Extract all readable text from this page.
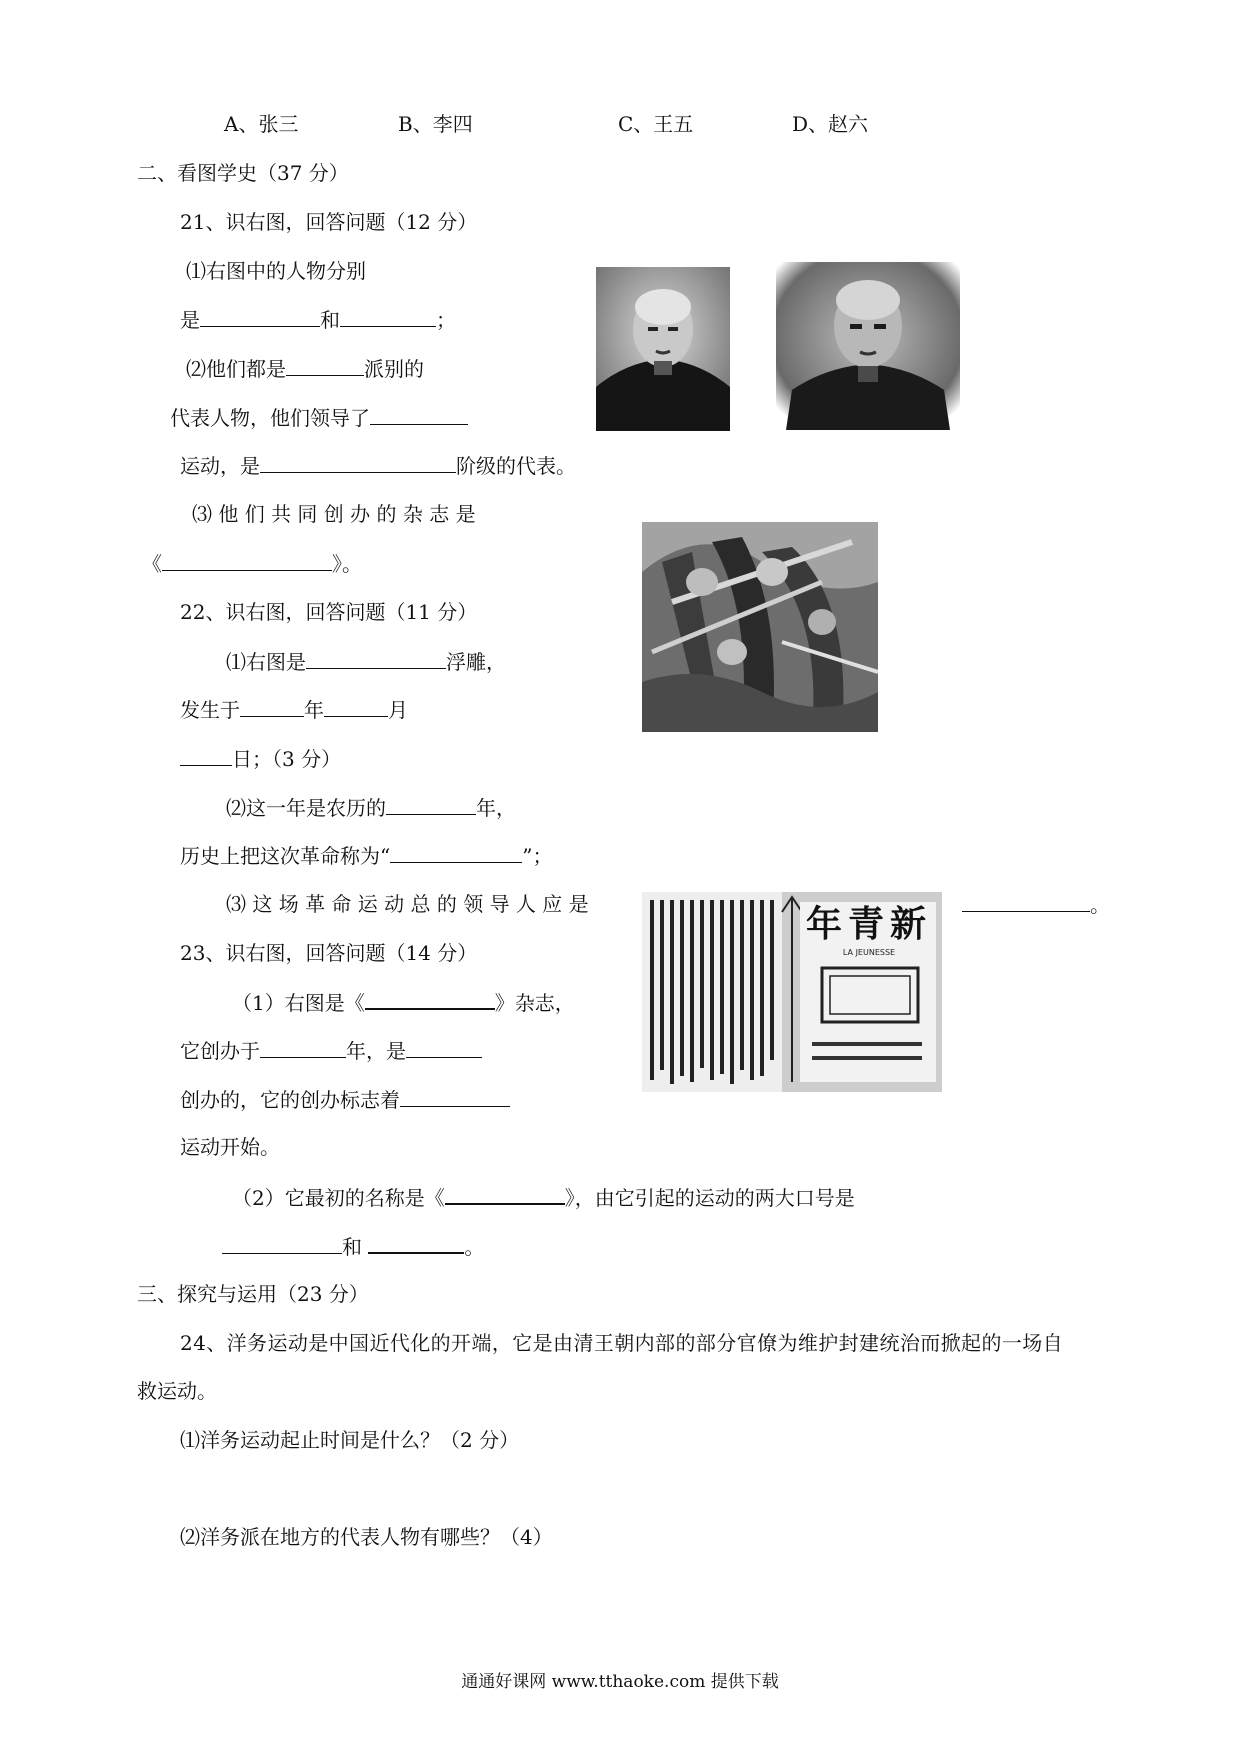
A、张三	B、李四	C、王五	D、赵六
二、看图学史（37 分）
21、识右图，回答问题（12 分）
⑴右图中的人物分别
是	和	；
⑵他们都是	派别的
代表人物，他们领导了
运动，是	阶级的代表。
⑶ 他 们 共 同 创 办 的 杂 志 是
《	》。
22、识右图，回答问题（11 分）
⑴右图是	浮雕，
发生于	年	月
日；（3 分）
⑵这一年是农历的	年，
历史上把这次革命称为“	”；
⑶ 这 场 革 命 运 动 总 的 领 导 人 应 是	。
23、识右图，回答问题（14 分）
（1）右图是《	》杂志，
它创办于	年，是
创办的，它的创办标志着
运动开始。
（2）它最初的名称是《	》，由它引起的运动的两大口号是
和	。
新青年
LA JEUNESSE
三、探究与运用（23 分）
24、洋务运动是中国近代化的开端，它是由清王朝内部的部分官僚为维护封建统治而掀起的一场自
救运动。
⑴洋务运动起止时间是什么？（2 分）
⑵洋务派在地方的代表人物有哪些？（4）
通通好课网 www.tthaoke.com 提供下载
